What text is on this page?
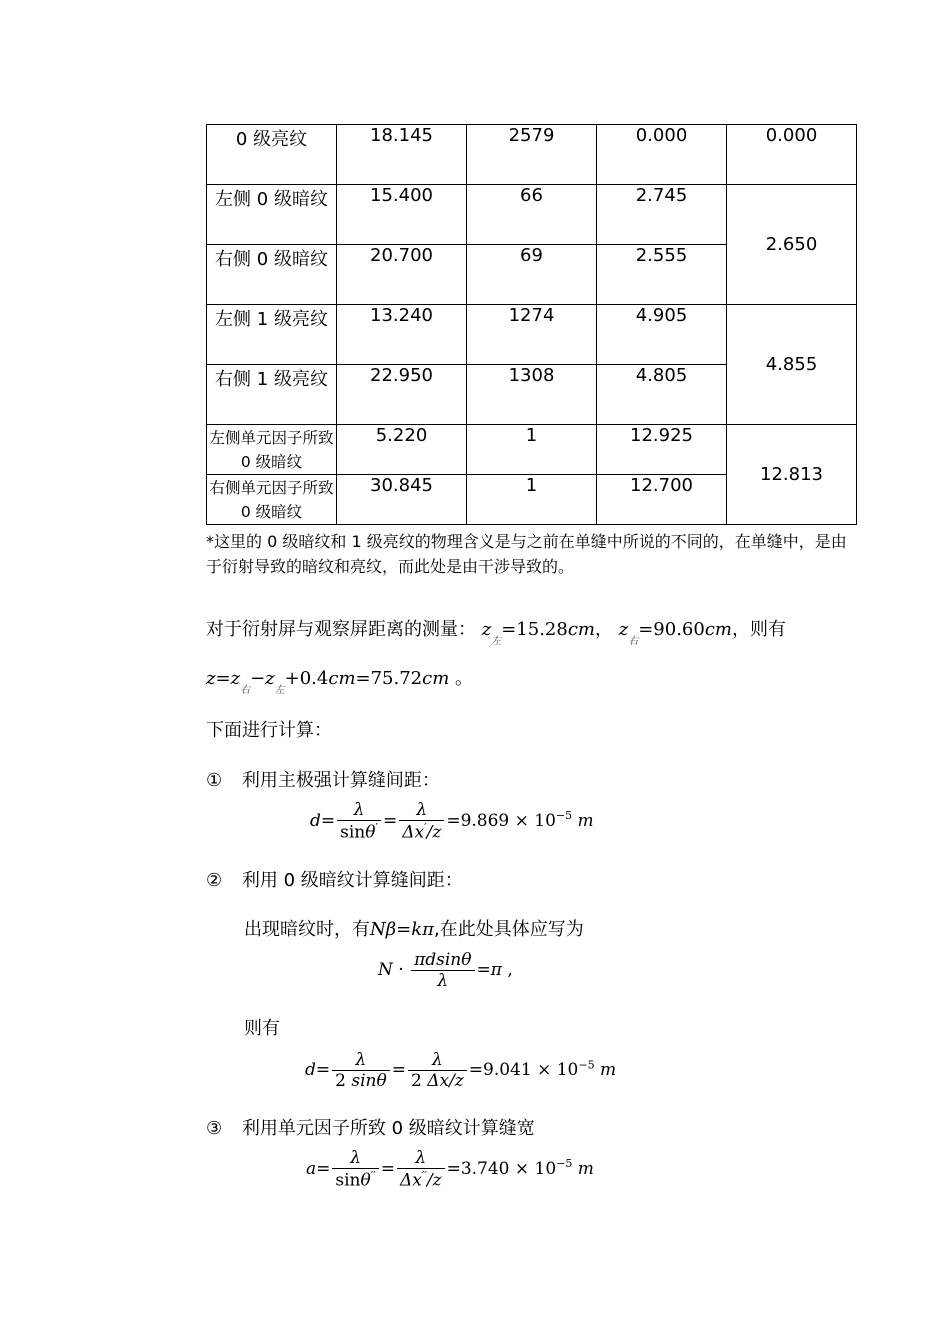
0 级亮纹	18.145	2579	0.000	0.000
左侧 0 级暗纹	15.400	66	2.745	2.650
右侧 0 级暗纹	20.700	69	2.555	
左侧 1 级亮纹	13.240	1274	4.905	4.855
右侧 1 级亮纹	22.950	1308	4.805	
左侧单元因子所致 0 级暗纹	5.220	1	12.925	12.813
右侧单元因子所致 0 级暗纹	30.845	1	12.700	
*这里的 0 级暗纹和 1 级亮纹的物理含义是与之前在单缝中所说的不同的，在单缝中，是由于衍射导致的暗纹和亮纹，而此处是由干涉导致的。
对于衍射屏与观察屏距离的测量： $z_左=15.28cm$， $z_右=90.60cm$，则有
$z=z_右-z_左+0.4cm=75.72cm$ 。
下面进行计算：
① 利用主极强计算缝间距：
$d= \frac{\lambda}{\sin\theta'} = \frac{\lambda}{\Delta x'/z} =9.869 \times 10^{-5}$ m
② 利用 0 级暗纹计算缝间距：
出现暗纹时，有Nβ=kπ,在此处具体应写为
$N \cdot \frac{\pi dsin\theta}{\lambda} =\pi$ ,
则有
$d= \frac{\lambda}{2 \sin\theta} = \frac{\lambda}{2 \Delta x/z} =9.041 \times 10^{-5}$ m
③ 利用单元因子所致 0 级暗纹计算缝宽
$a= \frac{\lambda}{\sin\theta''} = \frac{\lambda}{\Delta x''/z} =3.740 \times 10^{-5}$ m
